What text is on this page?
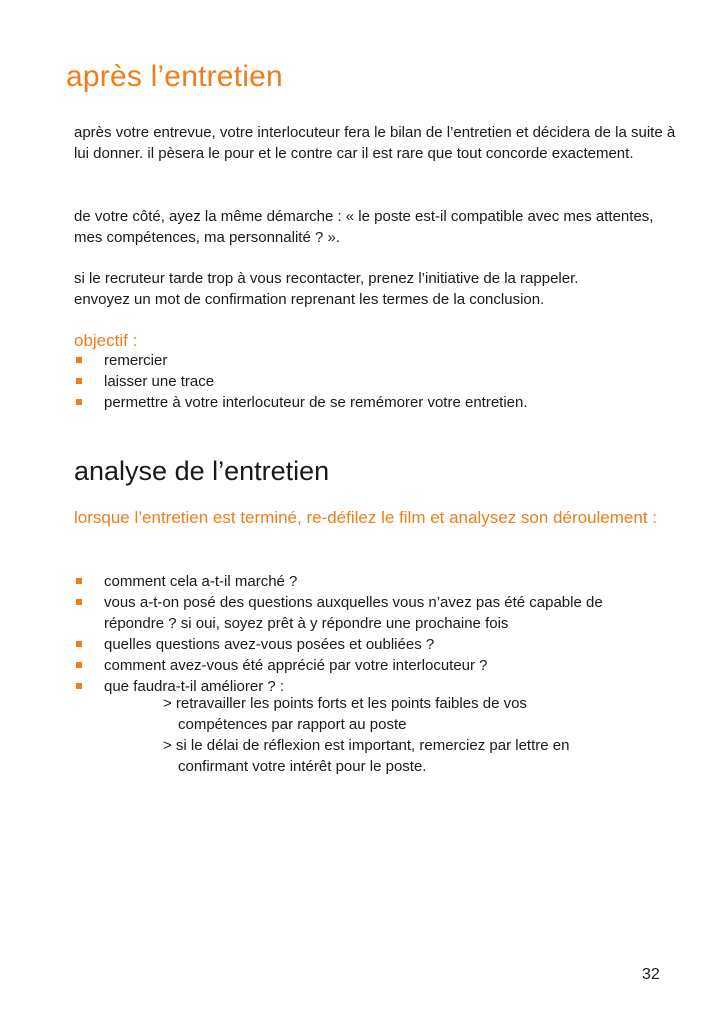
après l’entretien

après votre entrevue, votre interlocuteur fera le bilan de l’entretien et décidera de la suite à lui donner. il pèsera le pour et le contre car il est rare que tout concorde exactement.

de votre côté, ayez la même démarche : « le poste est-il compatible avec mes attentes, mes compétences, ma personnalité ? ».

si le recruteur tarde trop à vous recontacter, prenez l’initiative de la rappeler.
envoyez un mot de confirmation reprenant les termes de la conclusion.

objectif :
remercier
laisser une trace
permettre à votre interlocuteur de se remémorer votre entretien.
analyse de l’entretien
lorsque l’entretien est terminé, re-défilez le film et analysez son déroulement :
comment cela a-t-il marché ?
vous a-t-on posé des questions auxquelles vous n’avez pas été capable de répondre ? si oui, soyez prêt à y répondre une prochaine fois
quelles questions avez-vous posées et oubliées ?
comment avez-vous été apprécié par votre interlocuteur ?
que faudra-t-il améliorer ? :
> retravailler les points forts et les points faibles de vos
compétences par rapport au poste
> si le délai de réflexion est important, remerciez par lettre en
confirmant votre intérêt pour le poste.
32
